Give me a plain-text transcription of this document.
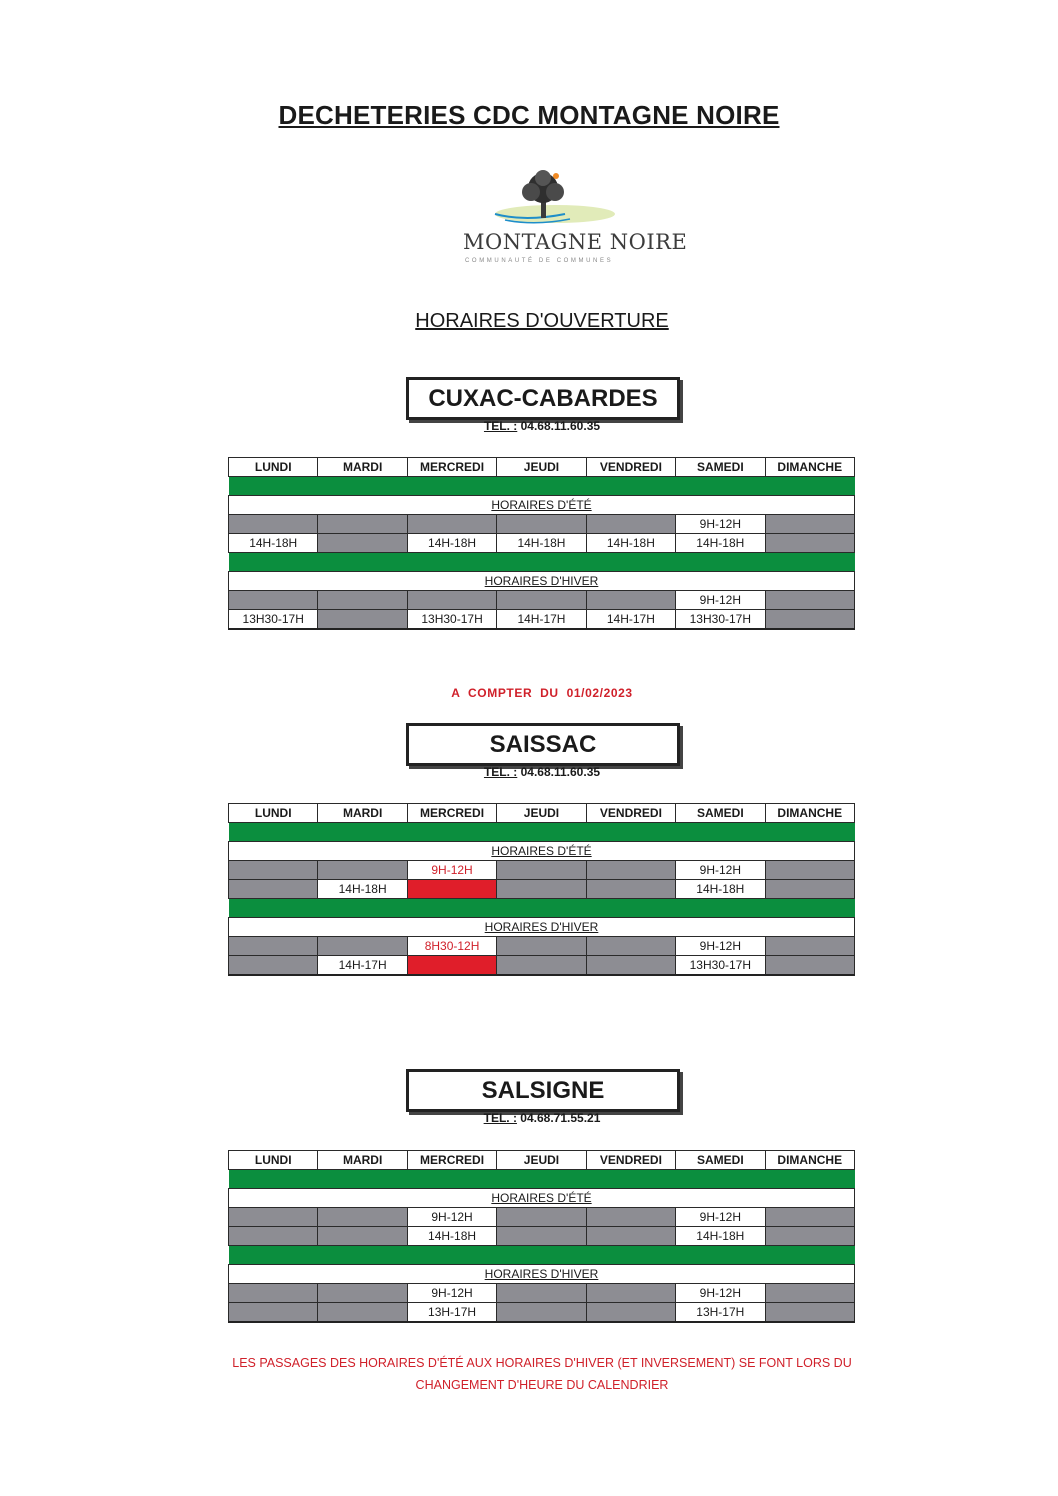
DECHETERIES CDC MONTAGNE NOIRE
MONTAGNE NOIRE
COMMUNAUTÉ DE COMMUNES
HORAIRES D'OUVERTURE
CUXAC-CABARDES
TEL. : 04.68.11.60.35
LUNDI	MARDI	MERCREDI	JEUDI	VENDREDI	SAMEDI	DIMANCHE

HORAIRES D'ÉTÉ						
					9H-12H	
14H-18H		14H-18H	14H-18H	14H-18H	14H-18H	

HORAIRES D'HIVER						
					9H-12H	
13H30-17H		13H30-17H	14H-17H	14H-17H	13H30-17H	
SAISSAC
TEL. : 04.68.11.60.35
LUNDI	MARDI	MERCREDI	JEUDI	VENDREDI	SAMEDI	DIMANCHE

HORAIRES D'ÉTÉ						
		9H-12H			9H-12H	
	14H-18H				14H-18H	

HORAIRES D'HIVER						
		8H30-12H			9H-12H	
	14H-17H				13H30-17H	
SALSIGNE
TEL. : 04.68.71.55.21
LUNDI	MARDI	MERCREDI	JEUDI	VENDREDI	SAMEDI	DIMANCHE

HORAIRES D'ÉTÉ						
		9H-12H			9H-12H	
		14H-18H			14H-18H	

HORAIRES D'HIVER						
		9H-12H			9H-12H	
		13H-17H			13H-17H	
A COMPTER DU 01/02/2023
LES PASSAGES DES HORAIRES D'ÉTÉ AUX HORAIRES D'HIVER (ET INVERSEMENT) SE FONT LORS DU
CHANGEMENT D'HEURE DU CALENDRIER
